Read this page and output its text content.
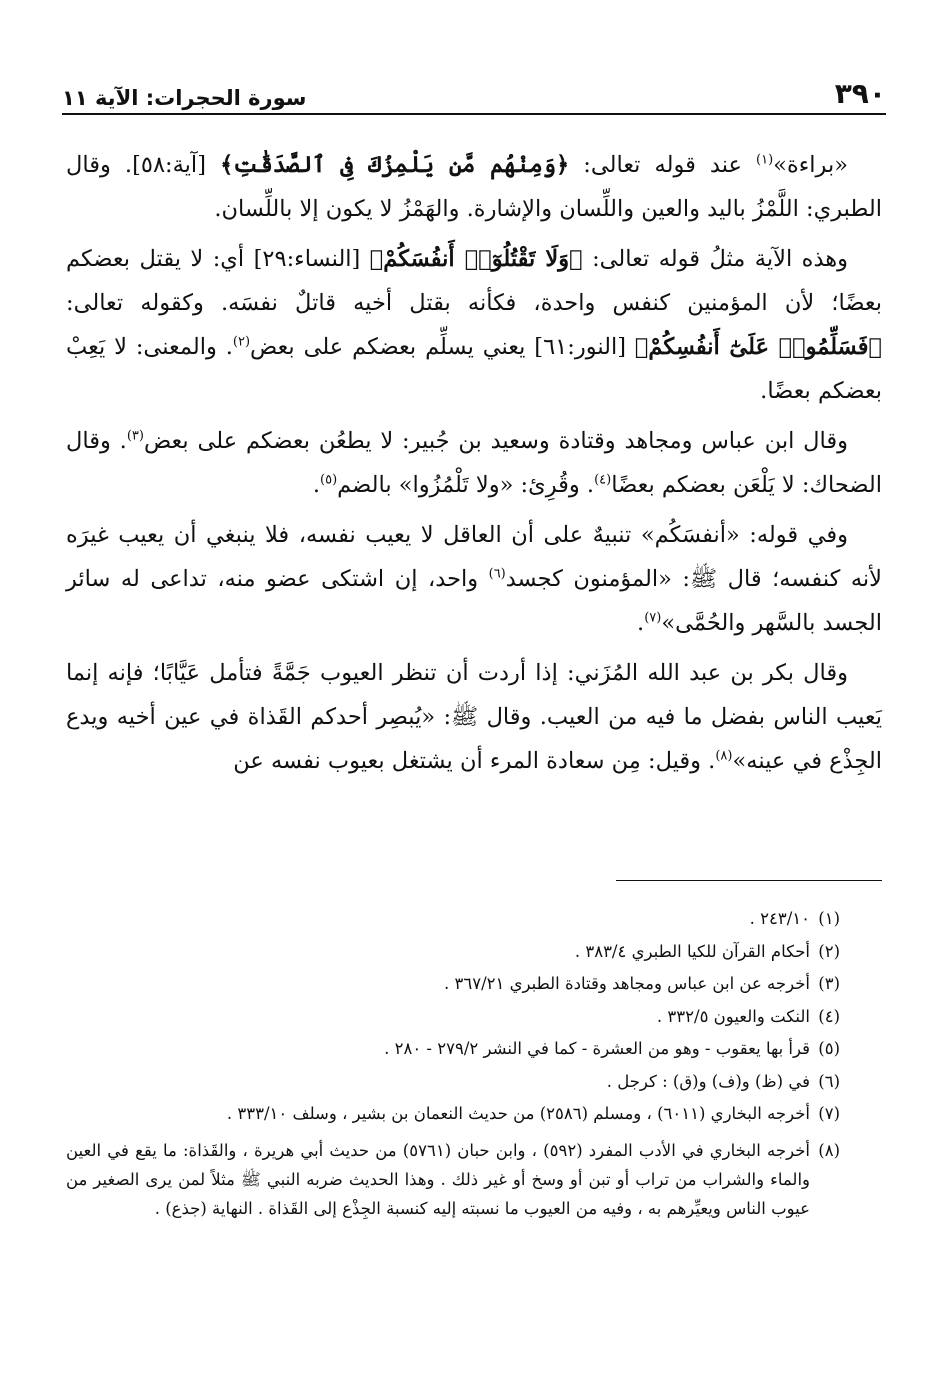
٣٩٠
سورة الحجرات: الآية ١١

«براءة»$^{(١)}$ عند قوله تعالى: ﴿وَمِنْهُم مَّن يَلْمِزُكَ فِى ٱلصَّدَقَٰتِ﴾ [آية:٥٨]. وقال الطبري: اللَّمْزُ باليد والعين واللِّسان والإشارة. والهَمْزُ لا يكون إلا باللِّسان.

وهذه الآية مثلُ قوله تعالى: ﴿وَلَا تَقْتُلُوٓا۟ أَنفُسَكُمْ﴾ [النساء:٢٩] أي: لا يقتل بعضكم بعضًا؛ لأن المؤمنين كنفس واحدة، فكأنه بقتل أخيه قاتلٌ نفسَه. وكقوله تعالى: ﴿فَسَلِّمُوا۟ عَلَىٰٓ أَنفُسِكُمْ﴾ [النور:٦١] يعني يسلِّم بعضكم على بعض$^{(٢)}$. والمعنى: لا يَعِبْ بعضكم بعضًا.

وقال ابن عباس ومجاهد وقتادة وسعيد بن جُبير: لا يطعُن بعضكم على بعض$^{(٣)}$. وقال الضحاك: لا يَلْعَن بعضكم بعضًا$^{(٤)}$. وقُرِئ: «ولا تَلْمُزُوا» بالضم$^{(٥)}$.

وفي قوله: «أنفسَكُم» تنبيهٌ على أن العاقل لا يعيب نفسه، فلا ينبغي أن يعيب غيرَه لأنه كنفسه؛ قال ﷺ: «المؤمنون كجسد$^{(٦)}$ واحد، إن اشتكى عضو منه، تداعى له سائر الجسد بالسَّهر والحُمَّى»$^{(٧)}$.

وقال بكر بن عبد الله المُزَني: إذا أردت أن تنظر العيوب جَمَّةً فتأمل عَيَّابًا؛ فإنه إنما يَعيب الناس بفضل ما فيه من العيب. وقال ﷺ: «يُبصِر أحدكم القَذاة في عين أخيه ويدع الجِذْع في عينه»$^{(٨)}$. وقيل: مِن سعادة المرء أن يشتغل بعيوب نفسه عن

(١)
٢٤٣/١٠ .
(٢)
أحكام القرآن للكيا الطبري ٣٨٣/٤ .
(٣)
أخرجه عن ابن عباس ومجاهد وقتادة الطبري ٣٦٧/٢١ .
(٤)
النكت والعيون ٣٣٢/٥ .
(٥)
قرأ بها يعقوب - وهو من العشرة - كما في النشر ٢٧٩/٢ - ٢٨٠ .
(٦)
في (ظ) و(ف) و(ق) : كرجل .
(٧)
أخرجه البخاري (٦٠١١) ، ومسلم (٢٥٨٦) من حديث النعمان بن بشير ، وسلف ٣٣٣/١٠ .
(٨)
أخرجه البخاري في الأدب المفرد (٥٩٢) ، وابن حبان (٥٧٦١) من حديث أبي هريرة ، والقَذاة: ما يقع في العين والماء والشراب من تراب أو تبن أو وسخ أو غير ذلك . وهذا الحديث ضربه النبي ﷺ مثلاً لمن يرى الصغير من عيوب الناس ويعيِّرهم به ، وفيه من العيوب ما نسبته إليه كنسبة الجِذْع إلى القَذاة . النهاية (جذع) .
